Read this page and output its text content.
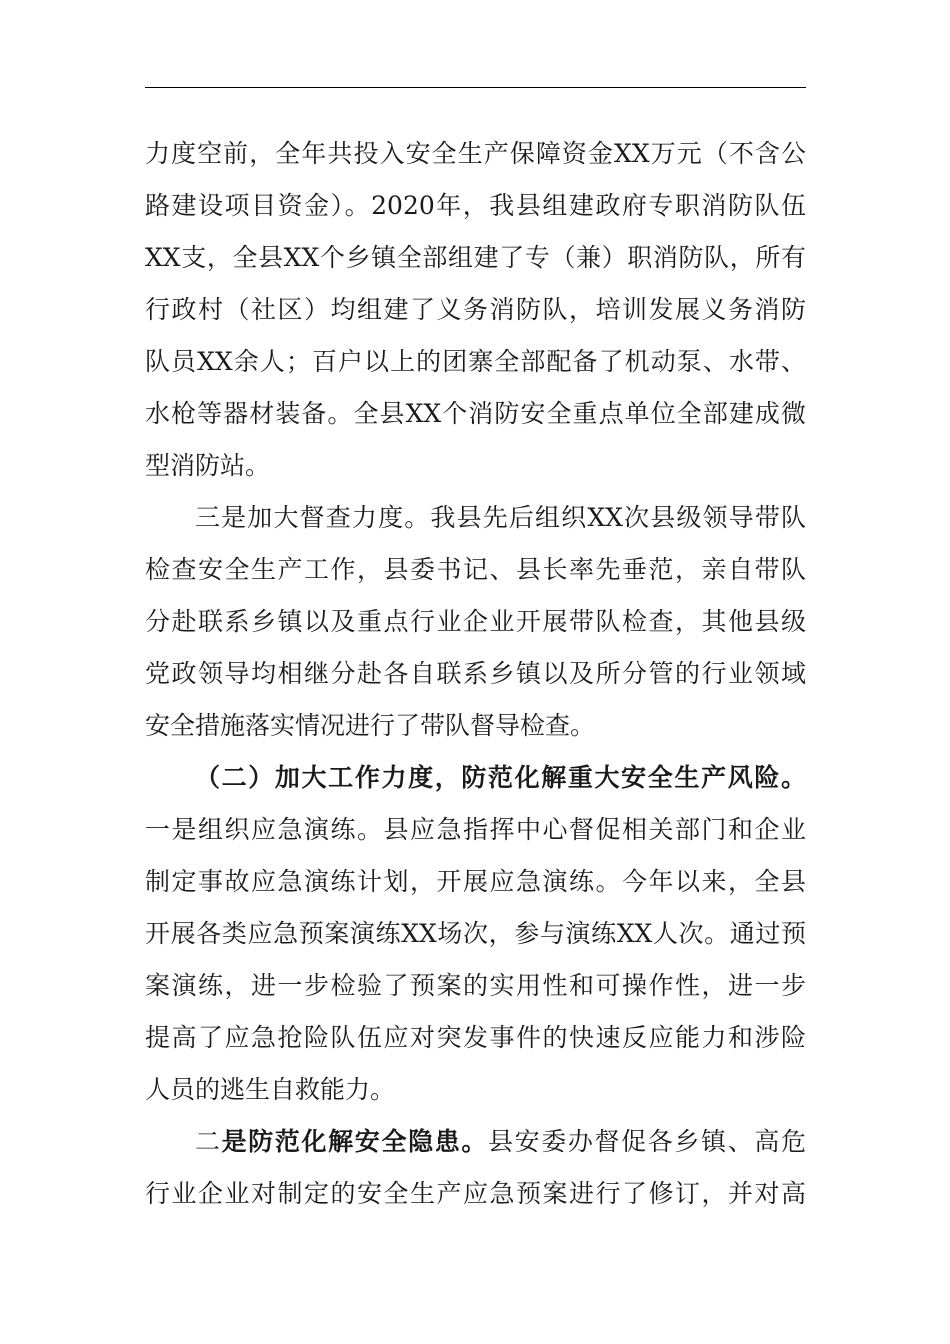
力度空前，全年共投入安全生产保障资金XX万元（不含公
路建设项目资金）。2020年，我县组建政府专职消防队伍
XX支，全县XX个乡镇全部组建了专（兼）职消防队，所有
行政村（社区）均组建了义务消防队，培训发展义务消防
队员XX余人；百户以上的团寨全部配备了机动泵、水带、
水枪等器材装备。全县XX个消防安全重点单位全部建成微
型消防站。
三是加大督查力度。我县先后组织XX次县级领导带队
检查安全生产工作，县委书记、县长率先垂范，亲自带队
分赴联系乡镇以及重点行业企业开展带队检查，其他县级
党政领导均相继分赴各自联系乡镇以及所分管的行业领域
安全措施落实情况进行了带队督导检查。
（二）加大工作力度，防范化解重大安全生产风险。
一是组织应急演练。县应急指挥中心督促相关部门和企业
制定事故应急演练计划，开展应急演练。今年以来，全县
开展各类应急预案演练XX场次，参与演练XX人次。通过预
案演练，进一步检验了预案的实用性和可操作性，进一步
提高了应急抢险队伍应对突发事件的快速反应能力和涉险
人员的逃生自救能力。
二是防范化解安全隐患。县安委办督促各乡镇、高危
行业企业对制定的安全生产应急预案进行了修订，并对高
